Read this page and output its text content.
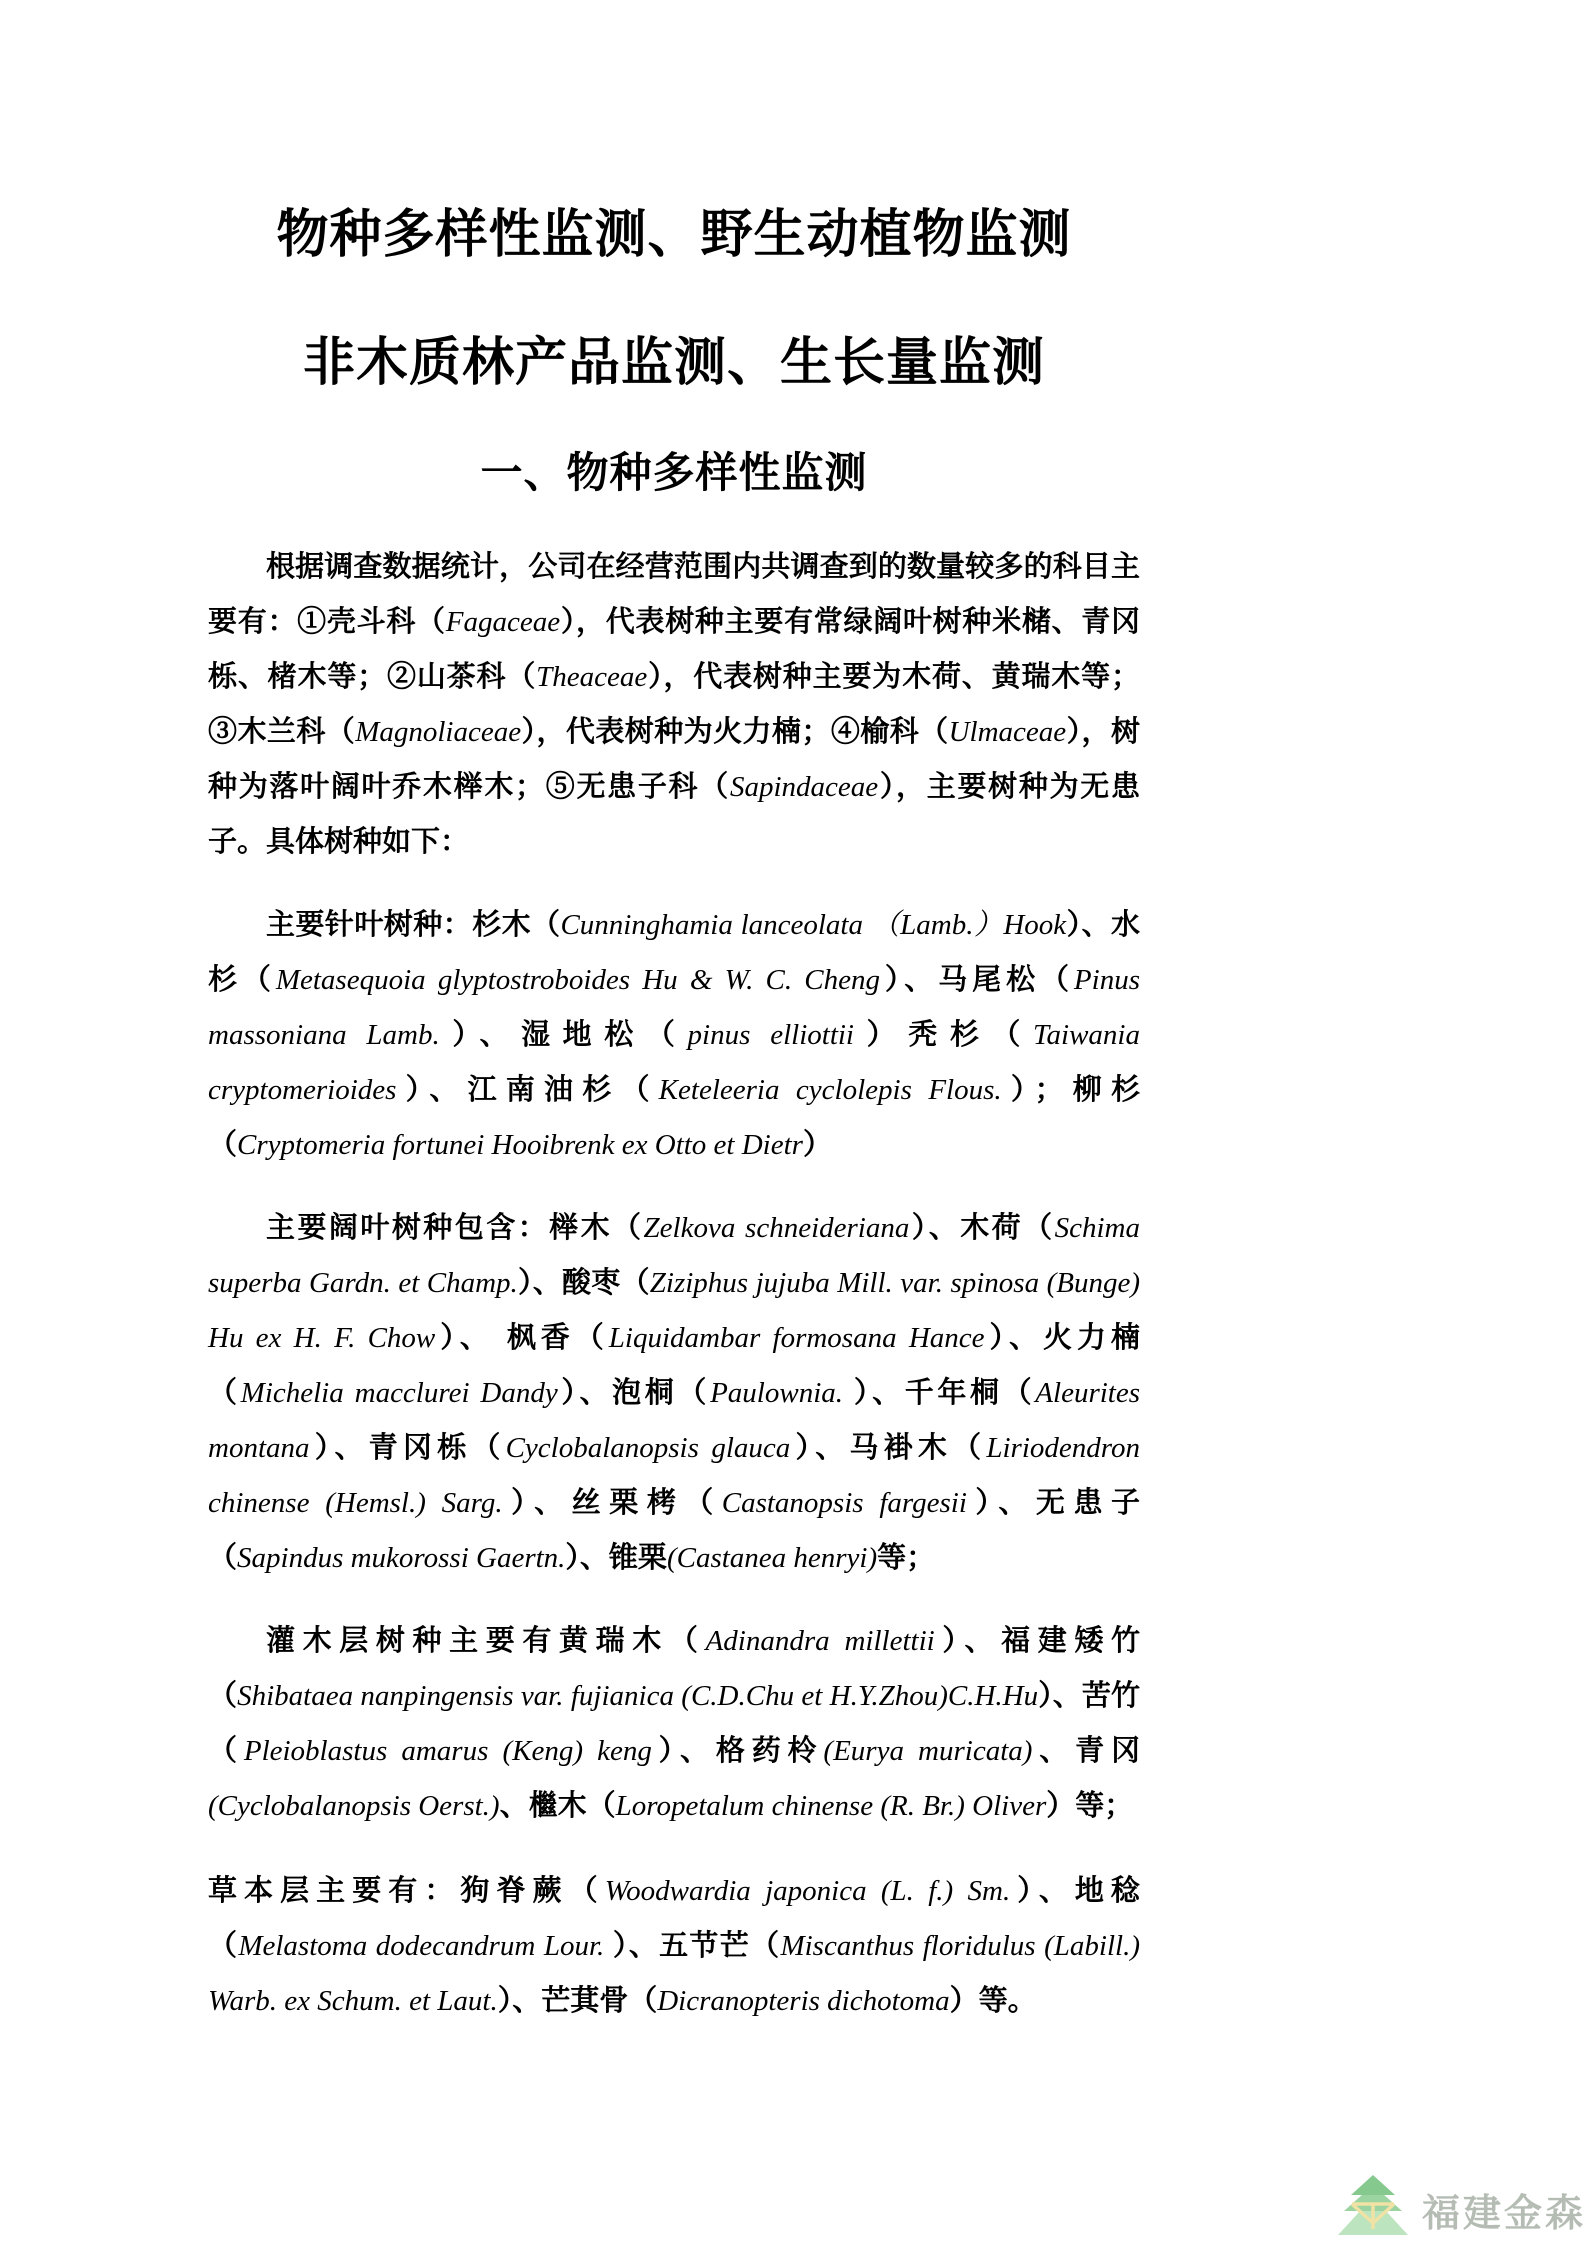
物种多样性监测、野生动植物监测
非木质林产品监测、生长量监测
一、物种多样性监测

根据调查数据统计，公司在经营范围内共调查到的数量较多的科目主要有：①壳斗科（Fagaceae），代表树种主要有常绿阔叶树种米槠、青冈栎、楮木等；②山茶科（Theaceae），代表树种主要为木荷、黄瑞木等；③木兰科（Magnoliaceae），代表树种为火力楠；④榆科（Ulmaceae），树种为落叶阔叶乔木榉木；⑤无患子科（Sapindaceae），主要树种为无患子。具体树种如下：

主要针叶树种：杉木（Cunninghamia lanceolata （Lamb.）Hook）、水杉（Metasequoia glyptostroboides Hu & W. C. Cheng）、马尾松（Pinus massoniana Lamb.）、湿地松（pinus elliottii）秃杉（Taiwania cryptomerioides）、江南油杉（Keteleeria cyclolepis Flous.）；柳杉（Cryptomeria fortunei Hooibrenk ex Otto et Dietr）

主要阔叶树种包含：榉木（Zelkova schneideriana）、木荷（Schima superba Gardn. et Champ.）、酸枣（Ziziphus jujuba Mill. var. spinosa (Bunge) Hu ex H. F. Chow）、 枫香（Liquidambar formosana Hance）、火力楠（Michelia macclurei Dandy）、泡桐（Paulownia. ）、千年桐（Aleurites montana）、青冈栎（Cyclobalanopsis glauca）、马褂木（Liriodendron chinense (Hemsl.) Sarg.）、丝栗栲（Castanopsis fargesii）、无患子（Sapindus mukorossi Gaertn.）、锥栗(Castanea henryi)等；

灌木层树种主要有黄瑞木（Adinandra millettii）、福建矮竹（Shibataea nanpingensis var. fujianica (C.D.Chu et H.Y.Zhou)C.H.Hu）、苦竹（Pleioblastus amarus (Keng) keng）、格药柃(Eurya muricata)、青冈(Cyclobalanopsis Oerst.)、檵木（Loropetalum chinense (R. Br.) Oliver）等；

草本层主要有：狗脊蕨（Woodwardia japonica (L. f.) Sm.）、地稔（Melastoma dodecandrum Lour. ）、五节芒（Miscanthus floridulus (Labill.) Warb. ex Schum. et Laut.）、芒萁骨（Dicranopteris dichotoma）等。

福建金森
